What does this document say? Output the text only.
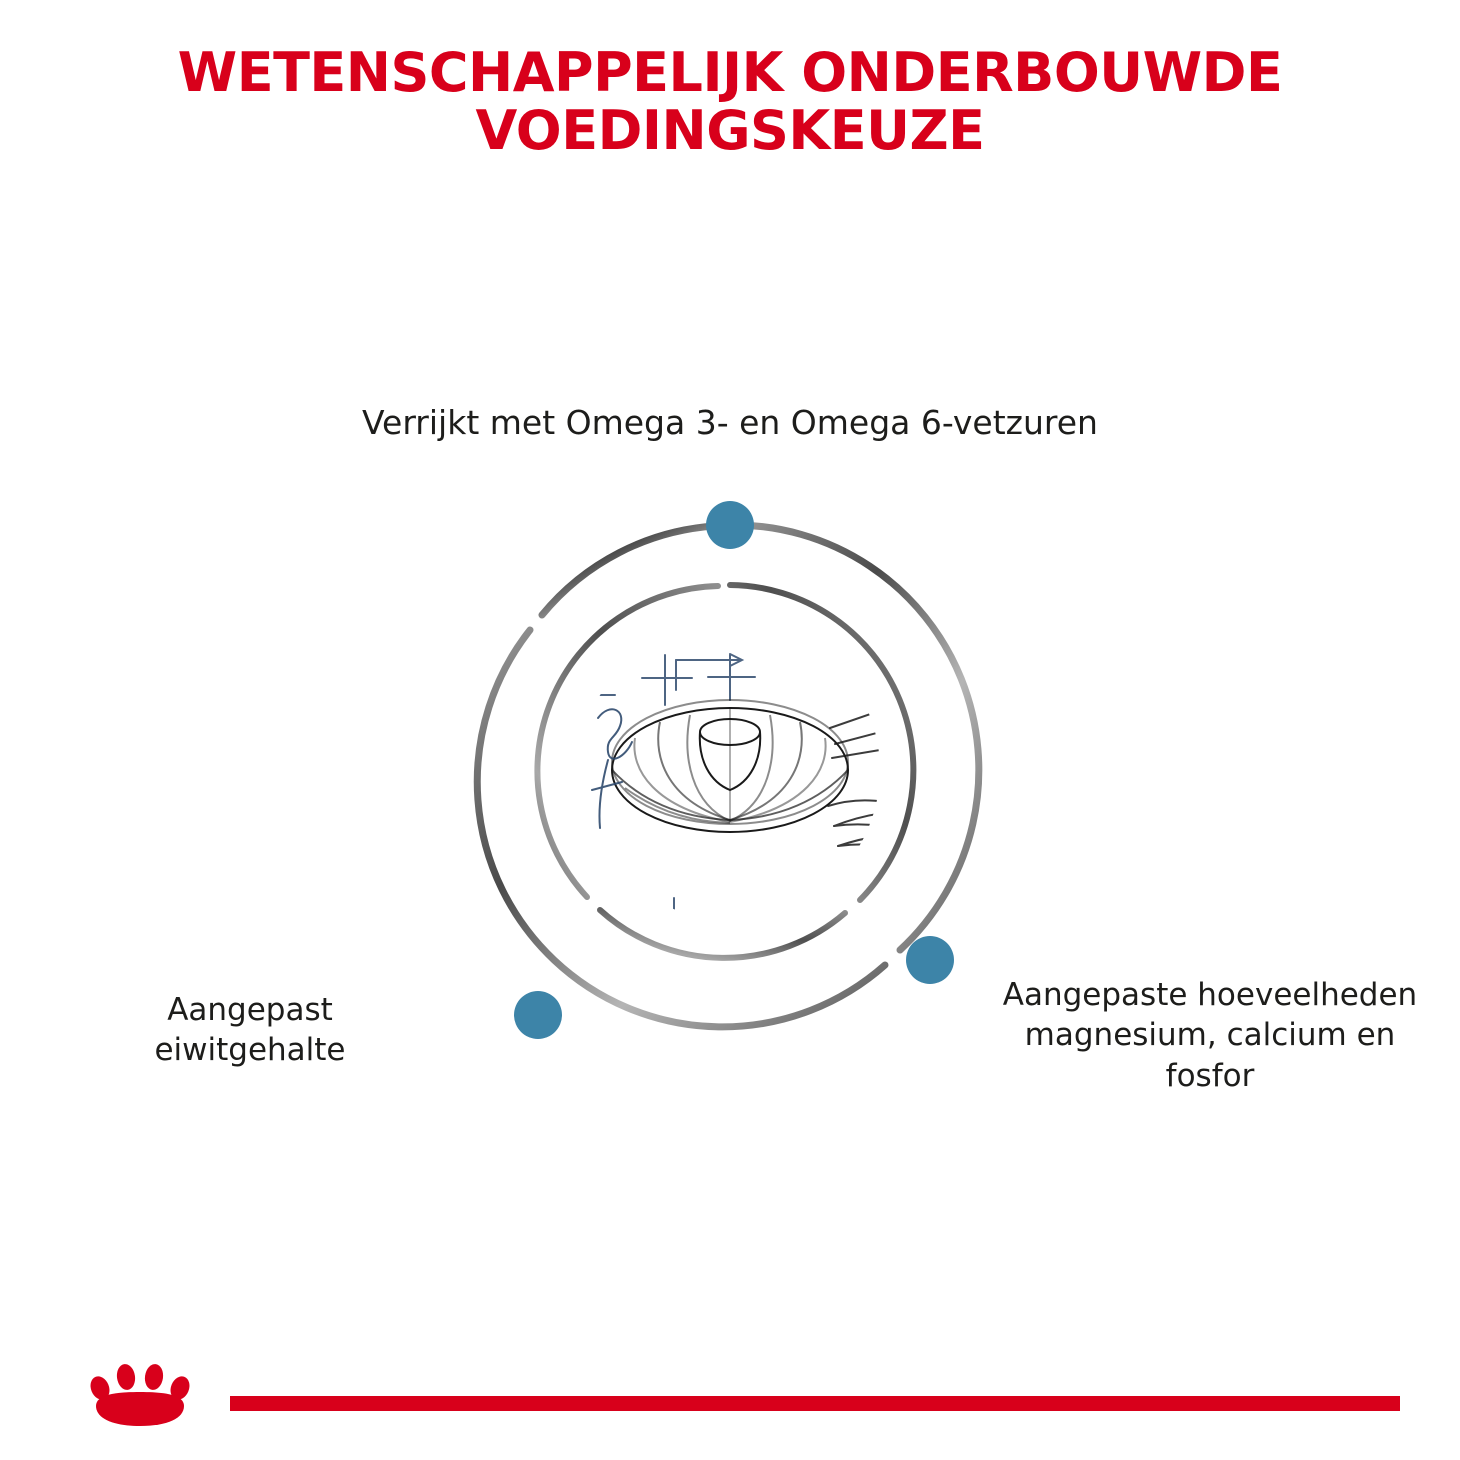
WETENSCHAPPELIJK ONDERBOUWDE
VOEDINGSKEUZE
Verrijkt met Omega 3- en Omega 6-vetzuren
Aangepast eiwitgehalte
Aangepaste hoeveelheden magnesium, calcium en fosfor
